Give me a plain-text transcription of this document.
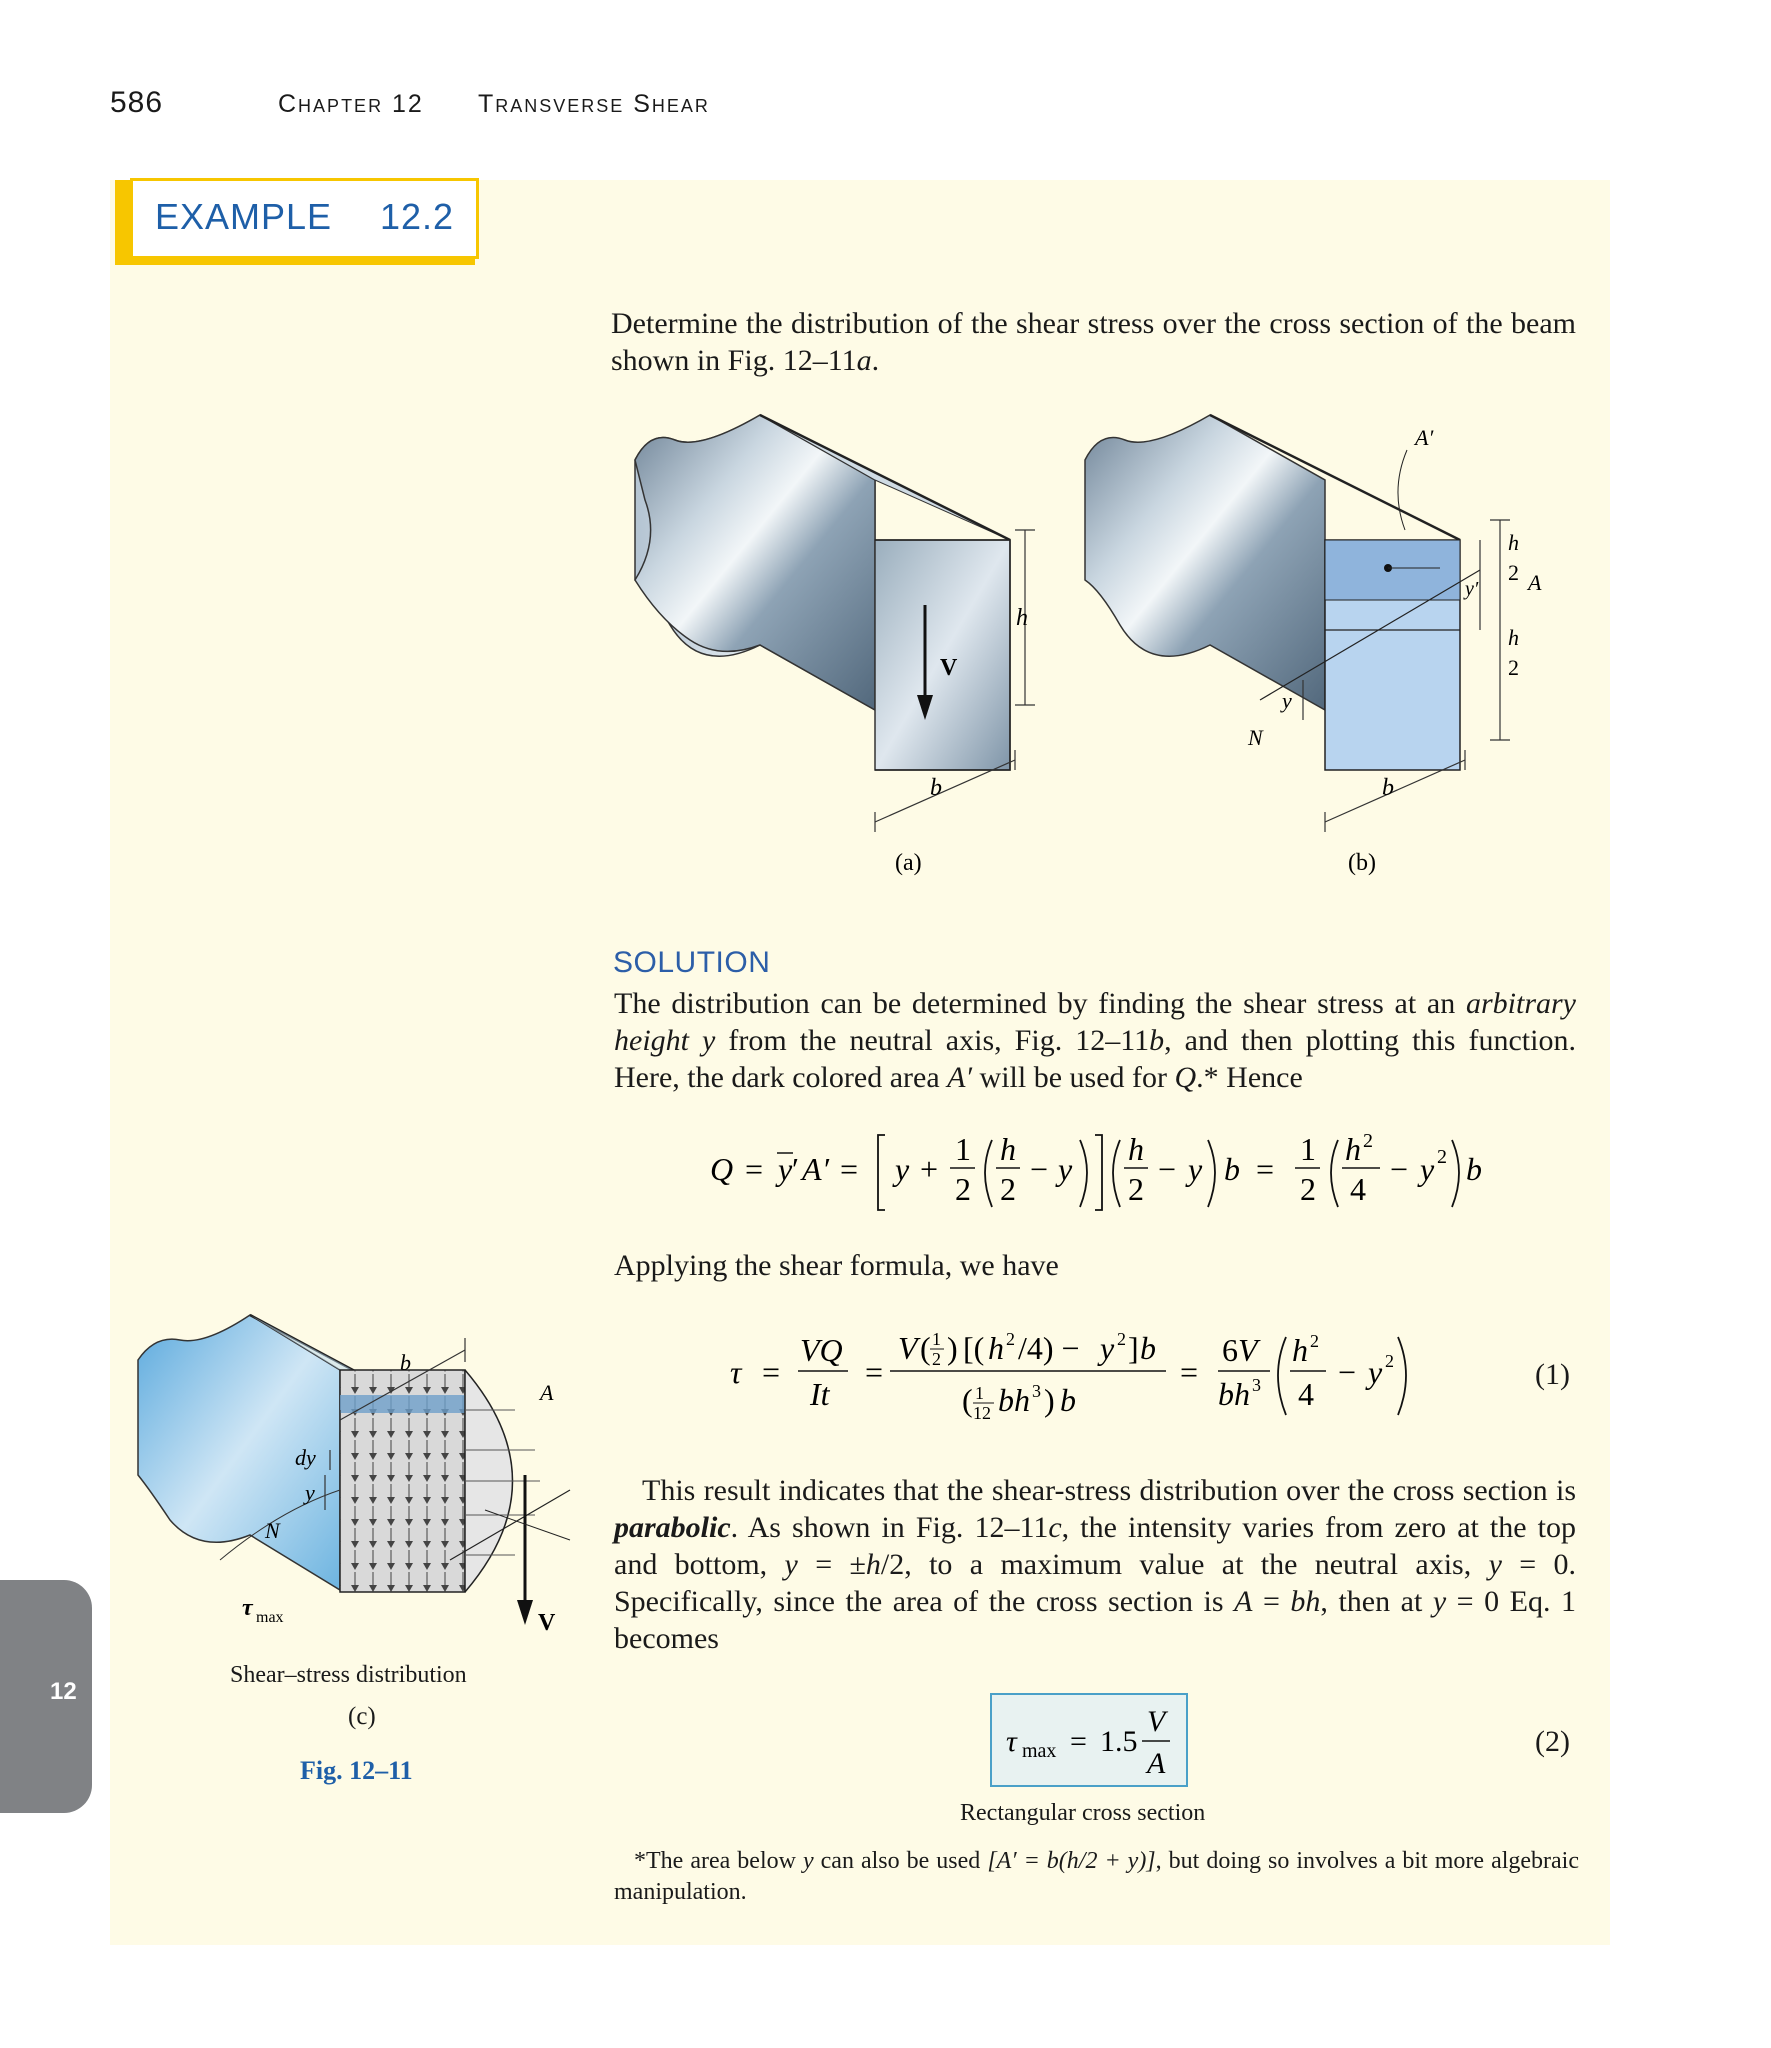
586	Chapter 12 Transverse Shear
EXAMPLE 12.2
Determine the distribution of the shear stress over the cross section of the beam shown in Fig. 12–11a.
V
h
b
(a)
A′
A
h
2
h
2
y′
y
N
b
(b)
SOLUTION
The distribution can be determined by finding the shear stress at an arbitrary height y from the neutral axis, Fig. 12–11b, and then plotting this function. Here, the dark colored area A′ will be used for Q.* Hence
Q = y ′ A ′ = y +
1
2
h
2
− y
h
2
− y b =
1
2
h 2
4
− y 2 b
Applying the shear formula, we have
τ =
VQ
It
=
V ( 1
2 ) [( h 2 /4) − y 2 ] b
( 1
12 bh 3 ) b
=
6 V
bh 3
h 2
4
− y 2	(1)
This result indicates that the shear-stress distribution over the cross section is parabolic. As shown in Fig. 12–11c, the intensity varies from zero at the top and bottom, y = ±h/2, to a maximum value at the neutral axis, y = 0. Specifically, since the area of the cross section is A = bh, then at y = 0 Eq. 1 becomes
τ max = 1.5
V
A
(2)
Rectangular cross section
*The area below y can also be used [A′ = b(h/2 + y)], but doing so involves a bit more algebraic manipulation.
b
A
dy
y
N
τ max	V
Shear–stress distribution
(c)
Fig. 12–11
12
